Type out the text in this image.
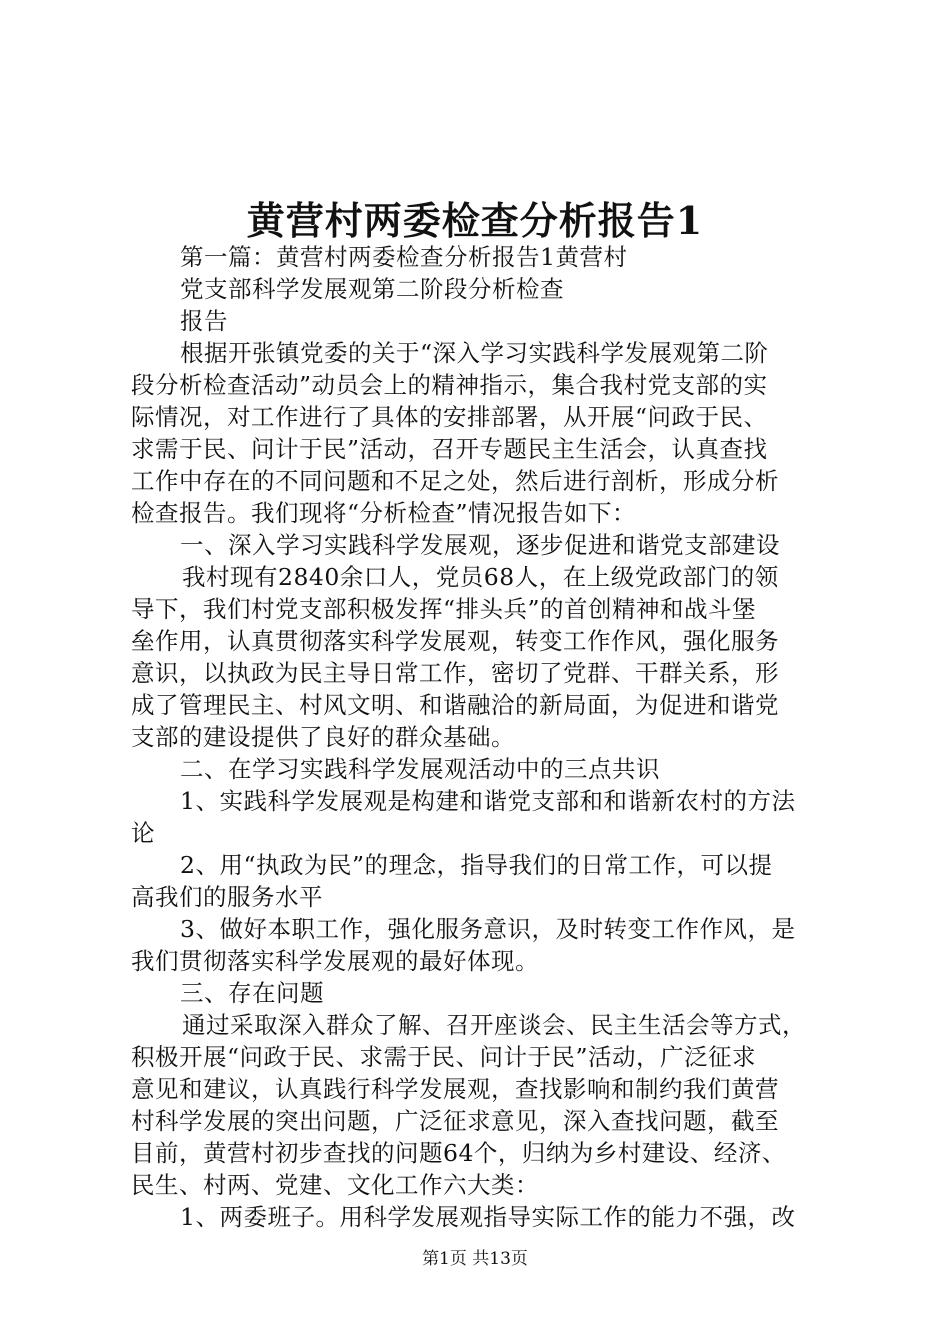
黄营村两委检查分析报告1
第一篇：黄营村两委检查分析报告1黄营村
党支部科学发展观第二阶段分析检查
报告
根据开张镇党委的关于“深入学习实践科学发展观第二阶
段分析检查活动”动员会上的精神指示，集合我村党支部的实
际情况，对工作进行了具体的安排部署，从开展“问政于民、
求需于民、问计于民”活动，召开专题民主生活会，认真查找
工作中存在的不同问题和不足之处，然后进行剖析，形成分析
检查报告。我们现将“分析检查”情况报告如下：
一、深入学习实践科学发展观，逐步促进和谐党支部建设
我村现有2840余口人，党员68人，在上级党政部门的领
导下，我们村党支部积极发挥“排头兵”的首创精神和战斗堡
垒作用，认真贯彻落实科学发展观，转变工作作风，强化服务
意识，以执政为民主导日常工作，密切了党群、干群关系，形
成了管理民主、村风文明、和谐融洽的新局面，为促进和谐党
支部的建设提供了良好的群众基础。
二、在学习实践科学发展观活动中的三点共识
1、实践科学发展观是构建和谐党支部和和谐新农村的方法
论
2、用“执政为民”的理念，指导我们的日常工作，可以提
高我们的服务水平
3、做好本职工作，强化服务意识，及时转变工作作风，是
我们贯彻落实科学发展观的最好体现。
三、存在问题
通过采取深入群众了解、召开座谈会、民主生活会等方式，
积极开展“问政于民、求需于民、问计于民”活动，广泛征求
意见和建议，认真践行科学发展观，查找影响和制约我们黄营
村科学发展的突出问题，广泛征求意见，深入查找问题，截至
目前，黄营村初步查找的问题64个，归纳为乡村建设、经济、
民生、村两、党建、文化工作六大类：
1、两委班子。用科学发展观指导实际工作的能力不强，改
第1页 共13页
